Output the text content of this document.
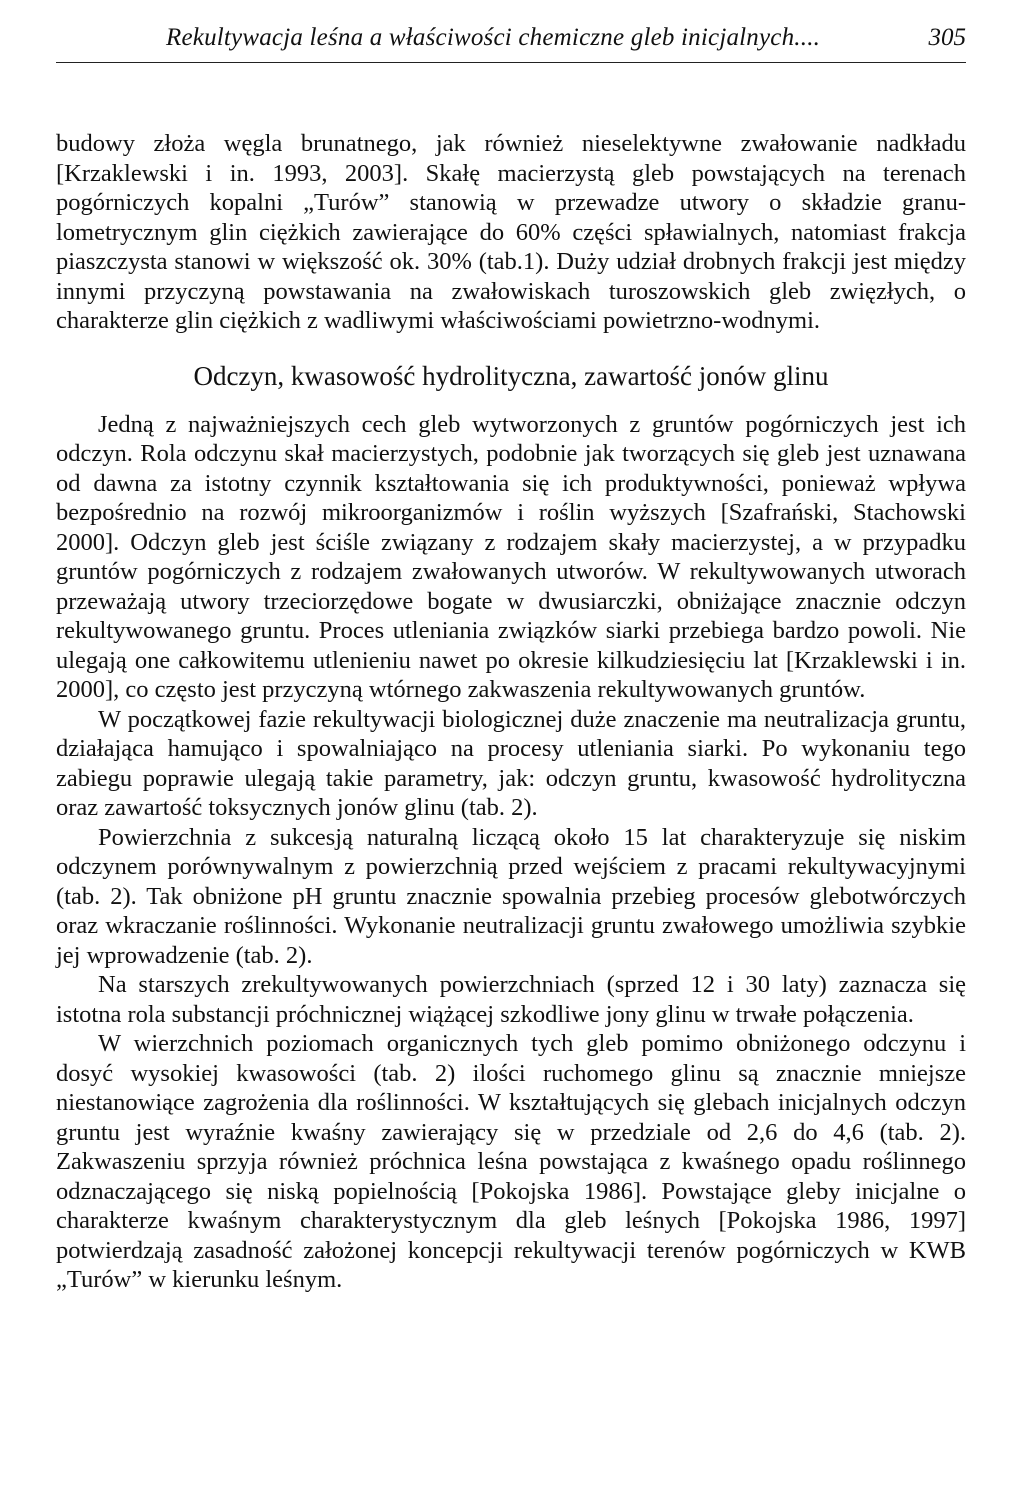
Rekultywacja leśna a właściwości chemiczne gleb inicjalnych....	305

budowy złoża węgla brunatnego, jak również nieselektywne zwałowanie nadkładu [Krzaklewski i in. 1993, 2003]. Skałę macierzystą gleb powstających na terenach pogórniczych kopalni „Turów” stanowią w przewadze utwory o składzie granulometrycznym glin ciężkich zawierające do 60% części spławialnych, natomiast frakcja piaszczysta stanowi w większość ok. 30% (tab.1). Duży udział drobnych frakcji jest między innymi przyczyną powstawania na zwałowiskach turoszowskich gleb zwięzłych, o charakterze glin ciężkich z wadliwymi właściwościami powietrzno-wodnymi.

Odczyn, kwasowość hydrolityczna, zawartość jonów glinu

Jedną z najważniejszych cech gleb wytworzonych z gruntów pogórniczych jest ich odczyn. Rola odczynu skał macierzystych, podobnie jak tworzących się gleb jest uznawana od dawna za istotny czynnik kształtowania się ich produktywności, ponieważ wpływa bezpośrednio na rozwój mikroorganizmów i roślin wyższych [Szafrański, Stachowski 2000]. Odczyn gleb jest ściśle związany z rodzajem skały macierzystej, a w przypadku gruntów pogórniczych z rodzajem zwałowanych utworów. W rekultywowanych utworach przeważają utwory trzeciorzędowe bogate w dwusiarczki, obniżające znacznie odczyn rekultywowanego gruntu. Proces utleniania związków siarki przebiega bardzo powoli. Nie ulegają one całkowitemu utlenieniu nawet po okresie kilkudziesięciu lat [Krzaklewski i in. 2000], co często jest przyczyną wtórnego zakwaszenia rekultywowanych gruntów.

W początkowej fazie rekultywacji biologicznej duże znaczenie ma neutralizacja gruntu, działająca hamująco i spowalniająco na procesy utleniania siarki. Po wykonaniu tego zabiegu poprawie ulegają takie parametry, jak: odczyn gruntu, kwasowość hydrolityczna oraz zawartość toksycznych jonów glinu (tab. 2).

Powierzchnia z sukcesją naturalną liczącą około 15 lat charakteryzuje się niskim odczynem porównywalnym z powierzchnią przed wejściem z pracami rekultywacyjnymi (tab. 2). Tak obniżone pH gruntu znacznie spowalnia przebieg procesów glebotwórczych oraz wkraczanie roślinności. Wykonanie neutralizacji gruntu zwałowego umożliwia szybkie jej wprowadzenie (tab. 2).

Na starszych zrekultywowanych powierzchniach (sprzed 12 i 30 laty) zaznacza się istotna rola substancji próchnicznej wiążącej szkodliwe jony glinu w trwałe połączenia.

W wierzchnich poziomach organicznych tych gleb pomimo obniżonego odczynu i dosyć wysokiej kwasowości (tab. 2) ilości ruchomego glinu są znacznie mniejsze niestanowiące zagrożenia dla roślinności. W kształtujących się glebach inicjalnych odczyn gruntu jest wyraźnie kwaśny zawierający się w przedziale od 2,6 do 4,6 (tab. 2). Zakwaszeniu sprzyja również próchnica leśna powstająca z kwaśnego opadu roślinnego odznaczającego się niską popielnością [Pokojska 1986]. Powstające gleby inicjalne o charakterze kwaśnym charakterystycznym dla gleb leśnych [Pokojska 1986, 1997] potwierdzają zasadność założonej koncepcji rekultywacji terenów pogórniczych w KWB „Turów” w kierunku leśnym.
